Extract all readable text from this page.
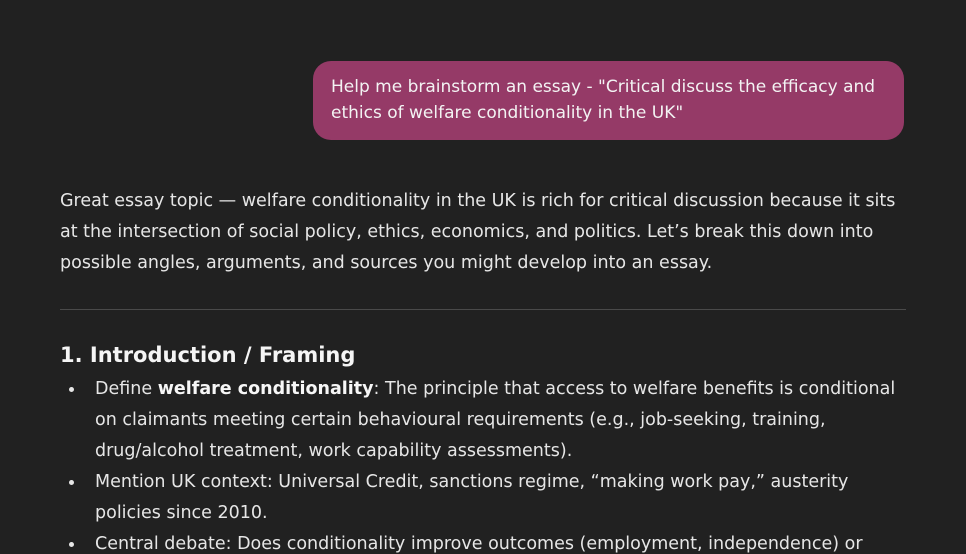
Help me brainstorm an essay - "Critical discuss the efficacy and ethics of welfare conditionality in the UK"

Great essay topic — welfare conditionality in the UK is rich for critical discussion because it sits at the intersection of social policy, ethics, economics, and politics. Let’s break this down into possible angles, arguments, and sources you might develop into an essay.

1. Introduction / Framing
Define welfare conditionality: The principle that access to welfare benefits is conditional on claimants meeting certain behavioural requirements (e.g., job-seeking, training, drug/alcohol treatment, work capability assessments).
Mention UK context: Universal Credit, sanctions regime, “making work pay,” austerity policies since 2010.
Central debate: Does conditionality improve outcomes (employment, independence) or
